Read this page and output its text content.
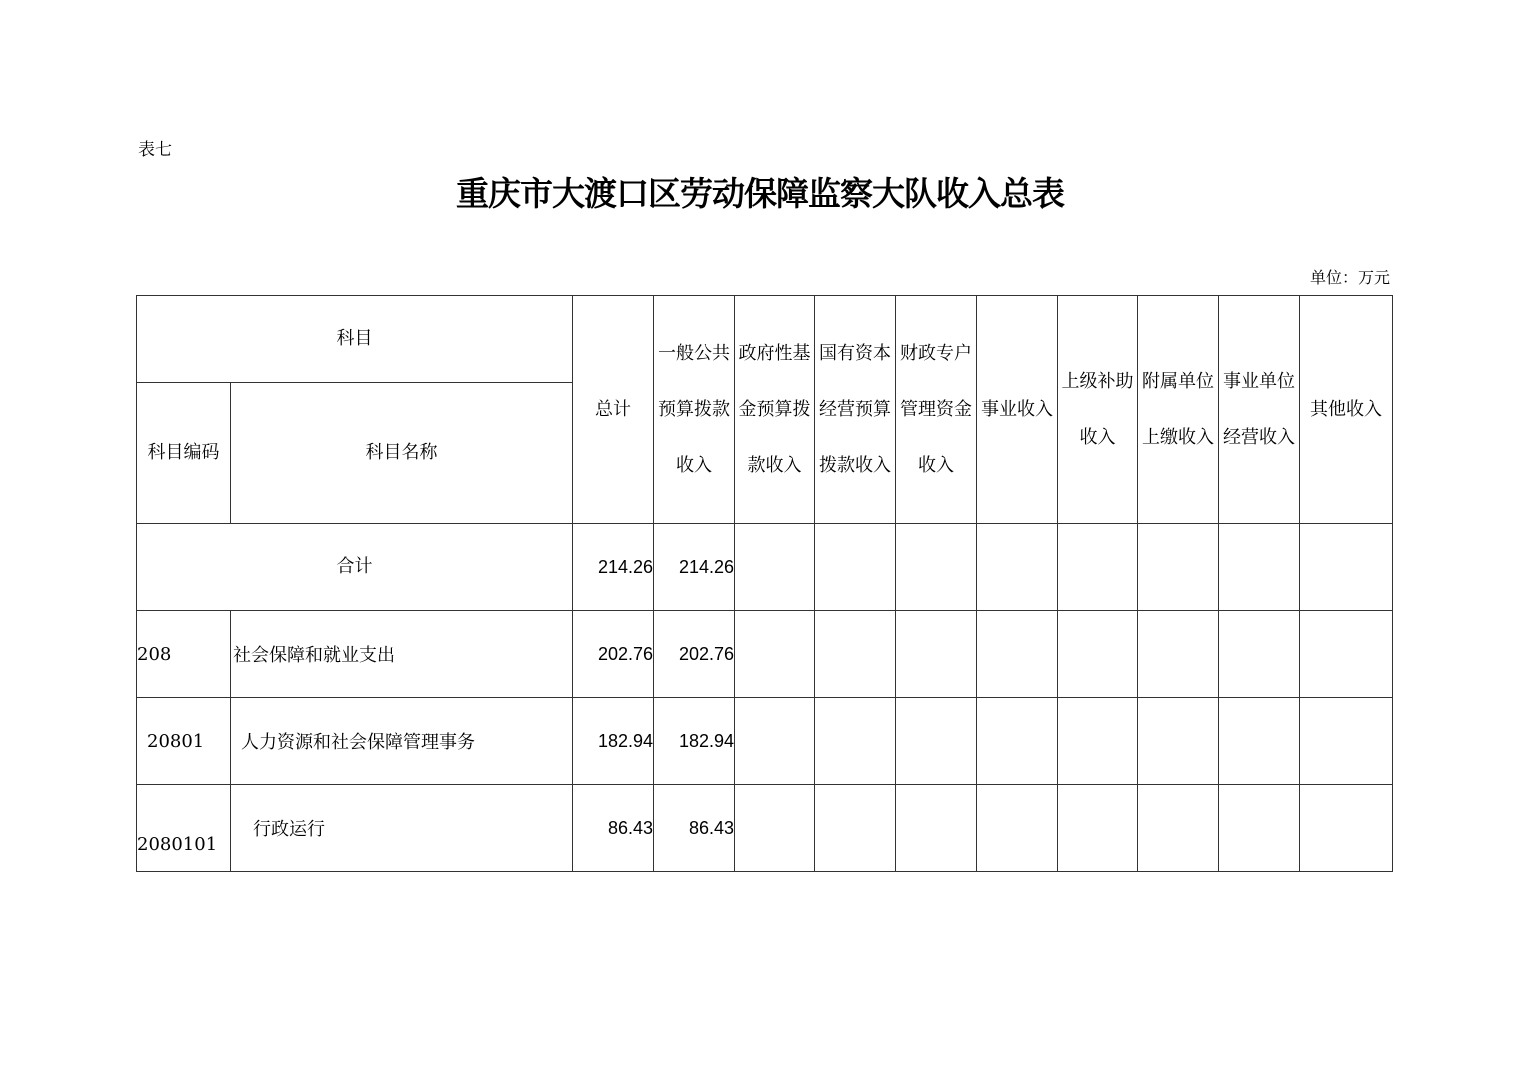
表七
重庆市大渡口区劳动保障监察大队收入总表
单位：万元
科目		总计	一般公共预算拨款收入	政府性基金预算拨款收入	国有资本经营预算拨款收入	财政专户管理资金收入	事业收入	上级补助收入	附属单位上缴收入	事业单位经营收入	其他收入
科目编码	科目名称										
合计		214.26	214.26								
208	社会保障和就业支出	202.76	202.76								
20801	人力资源和社会保障管理事务	182.94	182.94								
2080101	行政运行	86.43	86.43								
